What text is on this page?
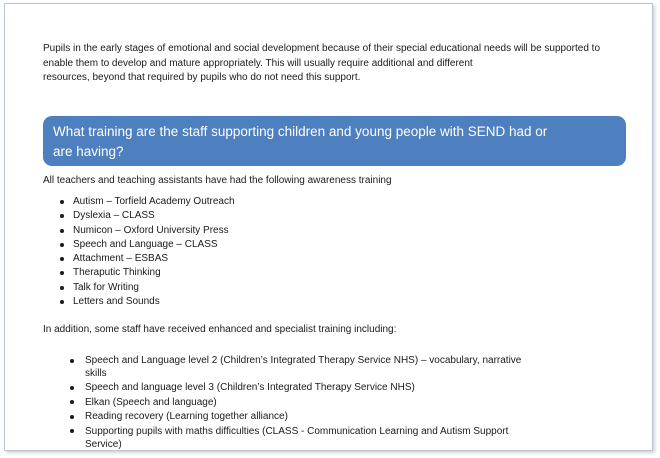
Pupils in the early stages of emotional and social development because of their special educational needs will be supported to
enable them to develop and mature appropriately. This will usually require additional and different
resources, beyond that required by pupils who do not need this support.
What training are the staff supporting children and young people with SEND had or
are having?
All teachers and teaching assistants have had the following awareness training
Autism – Torfield Academy Outreach
Dyslexia – CLASS
Numicon – Oxford University Press
Speech and Language – CLASS
Attachment – ESBAS
Theraputic Thinking
Talk for Writing
Letters and Sounds
In addition, some staff have received enhanced and specialist training including:
Speech and Language level 2 (Children’s Integrated Therapy Service NHS) – vocabulary, narrative
skills
Speech and language level 3 (Children’s Integrated Therapy Service NHS)
Elkan (Speech and language)
Reading recovery (Learning together alliance)
Supporting pupils with maths difficulties (CLASS - Communication Learning and Autism Support
Service)
